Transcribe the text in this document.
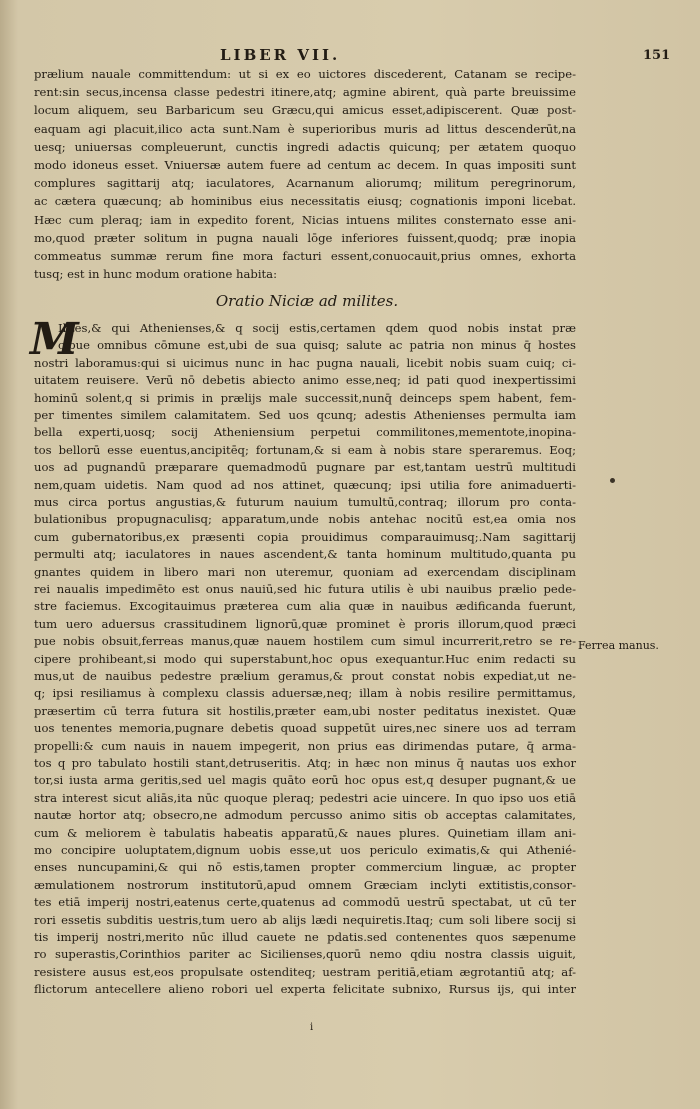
LIBER VII.	151
prælium nauale committendum: ut si ex eo uictores discederent, Catanam se recipe-
rent:sin secus,incensa classe pedestri itinere,atq; agmine abirent, quà parte breuissime
locum aliquem, seu Barbaricum seu Græcu,qui amicus esset,adipiscerent. Quæ post-
eaquam agi placuit,ilico acta sunt.Nam è superioribus muris ad littus descenderūt,na
uesq; uniuersas compleuerunt, cunctis ingredi adactis quicunq; per ætatem quoquo
modo idoneus esset. Vniuersæ autem fuere ad centum ac decem. In quas impositi sunt
complures sagittarij atq; iaculatores, Acarnanum aliorumq; militum peregrinorum,
ac cætera quæcunq; ab hominibus eius necessitatis eiusq; cognationis imponi licebat.
Hæc cum pleraq; iam in expedito forent, Nicias intuens milites consternato esse ani-
mo,quod præter solitum in pugna nauali lōge inferiores fuissent,quodq; præ inopia
commeatus summæ rerum fine mora facturi essent,conuocauit,prius omnes, exhorta
tusq; est in hunc modum oratione habita:
Ilites,& qui Athenienses,& q socij estis,certamen qdem quod nobis instat præ
cipue omnibus cōmune est,ubi de sua quisq; salute ac patria non minus q̄ hostes
nostri laboramus:qui si uicimus nunc in hac pugna nauali, licebit nobis suam cuiq; ci-
uitatem reuisere. Verū nō debetis abiecto animo esse,neq; id pati quod inexpertissimi
hominū solent,q si primis in prælijs male successit,nunq̄ deinceps spem habent, fem-
per timentes similem calamitatem. Sed uos qcunq; adestis Athenienses permulta iam
bella experti,uosq; socij Atheniensium perpetui commilitones,mementote,inopina-
tos bellorū esse euentus,ancipitēq; fortunam,& si eam à nobis stare speraremus. Eoq;
uos ad pugnandū præparare quemadmodū pugnare par est,tantam uestrū multitudi
nem,quam uidetis. Nam quod ad nos attinet, quæcunq; ipsi utilia fore animaduerti-
mus circa portus angustias,& futurum nauium tumultū,contraq; illorum pro conta-
bulationibus propugnaculisq; apparatum,unde nobis antehac nocitū est,ea omia nos
cum gubernatoribus,ex præsenti copia prouidimus comparauimusq;.Nam sagittarij
permulti atq; iaculatores in naues ascendent,& tanta hominum multitudo,quanta pu
gnantes quidem in libero mari non uteremur, quoniam ad exercendam disciplinam
rei naualis impedimēto est onus nauiū,sed hic futura utilis è ubi nauibus prælio pede-
stre faciemus. Excogitauimus præterea cum alia quæ in nauibus ædificanda fuerunt,
tum uero aduersus crassitudinem lignorū,quæ prominet è proris illorum,quod præci
pue nobis obsuit,ferreas manus,quæ nauem hostilem cum simul incurrerit,retro se re-
cipere prohibeant,si modo qui superstabunt,hoc opus exequantur.Huc enim redacti su
mus,ut de nauibus pedestre prælium geramus,& prout constat nobis expediat,ut ne-
q; ipsi resiliamus à complexu classis aduersæ,neq; illam à nobis resilire permittamus,
præsertim cū terra futura sit hostilis,præter eam,ubi noster peditatus inexistet. Quæ
uos tenentes memoria,pugnare debetis quoad suppetūt uires,nec sinere uos ad terram
propelli:& cum nauis in nauem impegerit, non prius eas dirimendas putare, q̄ arma-
tos q pro tabulato hostili stant,detruseritis. Atq; in hæc non minus q̄ nautas uos exhor
tor,si iusta arma geritis,sed uel magis quāto eorū hoc opus est,q desuper pugnant,& ue
stra interest sicut aliās,ita nūc quoque pleraq; pedestri acie uincere. In quo ipso uos etiā
nautæ hortor atq; obsecro,ne admodum percusso animo sitis ob acceptas calamitates,
cum & meliorem è tabulatis habeatis apparatū,& naues plures. Quinetiam illam ani-
mo concipire uoluptatem,dignum uobis esse,ut uos periculo eximatis,& qui Athenié-
enses nuncupamini,& qui nō estis,tamen propter commercium linguæ, ac propter
æmulationem nostrorum institutorū,apud omnem Græciam inclyti extitistis,consor-
tes etiā imperij nostri,eatenus certe,quatenus ad commodū uestrū spectabat, ut cū ter
rori essetis subditis uestris,tum uero ab alijs lædi nequiretis.Itaq; cum soli libere socij si
tis imperij nostri,merito nūc illud cauete ne pdatis.sed contenentes quos sæpenume
ro superastis,Corinthios pariter ac Sicilienses,quorū nemo qdiu nostra classis uiguit,
resistere ausus est,eos propulsate ostenditeq; uestram peritiā,etiam ægrotantiū atq; af-
flictorum antecellere alieno robori uel experta felicitate subnixo, Rursus ijs, qui inter
Oratio Niciæ ad milites.
M
Ferrea manus.
i
